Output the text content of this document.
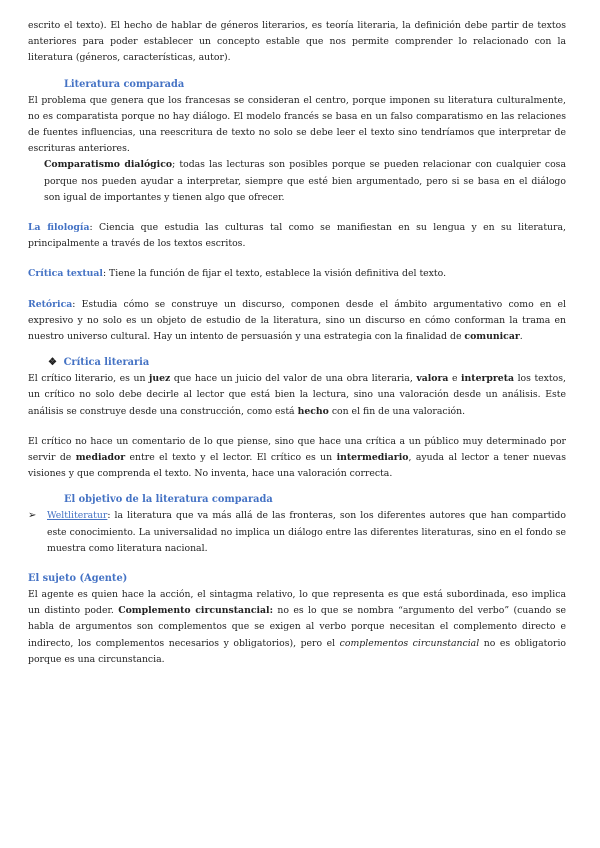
escrito el texto). El hecho de hablar de géneros literarios, es teoría literaria, la definición debe partir de textos anteriores para poder establecer un concepto estable que nos permite comprender lo relacionado con la literatura (géneros, características, autor).

Literatura comparada

El problema que genera que los francesas se consideran el centro, porque imponen su literatura culturalmente, no es comparatista porque no hay diálogo. El modelo francés se basa en un falso comparatismo en las relaciones de fuentes influencias, una reescritura de texto no solo se debe leer el texto sino tendríamos que interpretar de escrituras anteriores.

Comparatismo dialógico; todas las lecturas son posibles porque se pueden relacionar con cualquier cosa porque nos pueden ayudar a interpretar, siempre que esté bien argumentado, pero si se basa en el diálogo son igual de importantes y tienen algo que ofrecer.

La filología: Ciencia que estudia las culturas tal como se manifiestan en su lengua y en su literatura, principalmente a través de los textos escritos.

Crítica textual: Tiene la función de fijar el texto, establece la visión definitiva del texto.

Retórica: Estudia cómo se construye un discurso, componen desde el ámbito argumentativo como en el expresivo y no solo es un objeto de estudio de la literatura, sino un discurso en cómo conforman la trama en nuestro universo cultural. Hay un intento de persuasión y una estrategia con la finalidad de comunicar.

❖ Crítica literaria

El crítico literario, es un juez que hace un juicio del valor de una obra literaria, valora e interpreta los textos, un crítico no solo debe decirle al lector que está bien la lectura, sino una valoración desde un análisis. Este análisis se construye desde una construcción, como está hecho con el fin de una valoración.

El crítico no hace un comentario de lo que piense, sino que hace una crítica a un público muy determinado por servir de mediador entre el texto y el lector. El crítico es un intermediario, ayuda al lector a tener nuevas visiones y que comprenda el texto. No inventa, hace una valoración correcta.

El objetivo de la literatura comparada
➢	Weltliteratur: la literatura que va más allá de las fronteras, son los diferentes autores que han compartido este conocimiento. La universalidad no implica un diálogo entre las diferentes literaturas, sino en el fondo se muestra como literatura nacional.

El sujeto (Agente)

El agente es quien hace la acción, el sintagma relativo, lo que representa es que está subordinada, eso implica un distinto poder. Complemento circunstancial: no es lo que se nombra “argumento del verbo” (cuando se habla de argumentos son complementos que se exigen al verbo porque necesitan el complemento directo e indirecto, los complementos necesarios y obligatorios), pero el complementos circunstancial no es obligatorio porque es una circunstancia.
